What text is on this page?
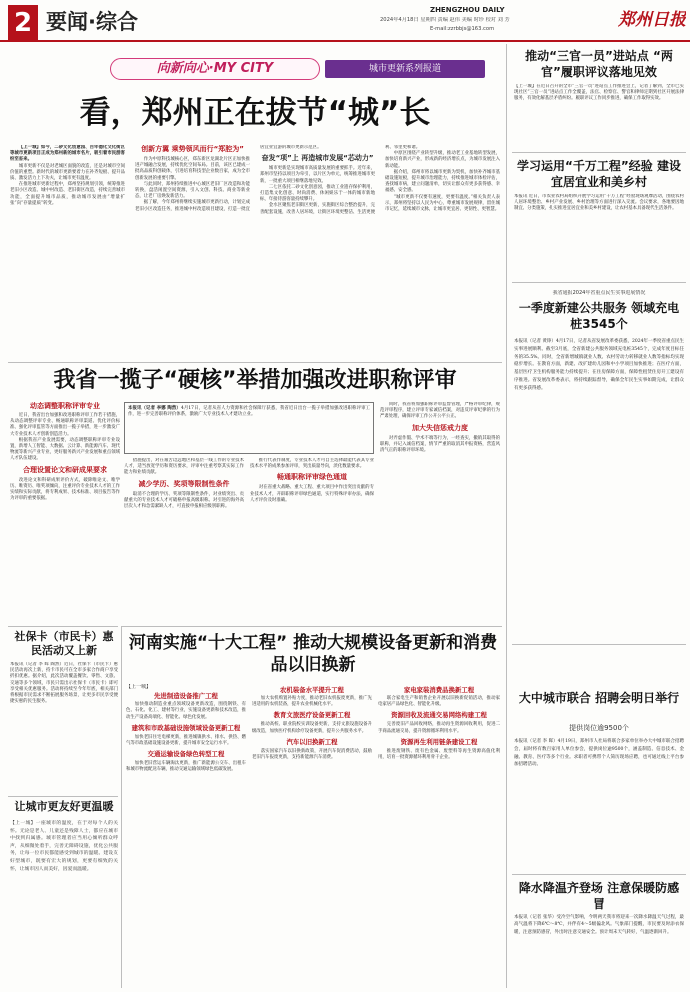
2 要闻·综合	ZHENGZHOU DAILY
2024年4月18日 星期四 责编 赵伟 美编 时珍 校对 刘 芳
E-mail:zzrbbjs@163.com	郑州日报
向新向心·MY CITY	城市更新系列报道
看，郑州正在拔节“城”长

【上一城】如今，二砂文化创意园、百年德化文化街区等城市更新项目正成为郑州新的城市名片，吸引着市民游客纷至沓来。

城市更新不仅是对老城区面貌的改造，还是对城市空间价值的重塑。新时代的城市更新要着力在补齐短板、提升品质、激发活力上下功夫，让城市更有温度。

在推进城市更新过程中，郑州坚持规划引领，统筹推进老旧小区改造、城中村改造、老旧街区改造，持续完善城市功能，全面提升城市品质，推动城市发展由“增量扩张”向“存量提质”转变。

创新方翼 乘势领风而行“郑腔为”

作为中原科技城核心区，郑东新区龙湖北片区正加快推进产城融合发展，持续优化空间布局。目前，该区已建成一批高品质科创载体，引进培育科技型企业数百家，成为全市创新发展的重要引擎。

与此同时，郑州持续推进中心城区老旧厂区改造和功能转换，盘活闲置空间资源，引入文创、科技、商业等新业态，让老厂房焕发新活力。

据了解，今年郑州将继续实施城市更新行动，计划完成老旧小区改造任务，推进城中村改造项目建设，打造一批宜居宜业宜游的城市更新示范区。

奋发“项”上 再造城市发展“芯动力”

城市更新是实现城市高质量发展的重要抓手。近年来，郑州市坚持以项目为牵引，以片区为单元，统筹推进城市更新，一批重大项目相继落地见效。

二七区依托二砂文化创意园，推动工业遗存保护利用，打造集文化创意、时尚消费、休闲娱乐于一体的城市新地标，年接待游客量持续攀升。

金水区聚焦老旧街区更新，实施街区综合整治提升，完善配套设施，改善人居环境，让街区环境更整洁、生活更便利、邻里更和谐。

中原区围绕产业转型升级，推动老工业基地转型发展，加快培育新兴产业，形成新的经济增长点，为城市发展注入新动能。

据介绍，郑州市将以城市更新为契机，加快补齐城市基础设施短板，提升城市治理能力，持续推进城市体检评估，查找城市病，建立问题清单，切实让群众有更多获得感、幸福感、安全感。

“城市更新不仅要有速度，更要有温度。”相关负责人表示，郑州将坚持以人民为中心，尊重城市发展规律，留住城市记忆，延续城市文脉，让城市更宜居、更韧性、更智慧。

推动“三官一员”进站点 “两官”履职评议落地见效
【上一城】在近日召开的全市“三官一员”进站点工作推进会上，记者了解到，全市已实现社区“三官一员”进站点工作全覆盖，法官、检察官、警官和律师定期到社区开展法律服务，有效化解基层矛盾纠纷。履职评议工作同步推进，确保工作取得实效。
学习运用“千万工程”经验 建设宜居宜业和美乡村
本报讯 近日，市农业农村局组织开展学习运用“千万工程”经验现场观摩活动，围绕农村人居环境整治、乡村产业发展、乡村治理等方面进行深入交流。会议要求，各地要因地制宜、分类施策，扎实推进宜居宜业和美乡村建设，让农村基本具备现代生活条件。
我省通报2024年省重点民生实事进展情况
一季度新建公共服务 领域充电桩3545个
本报讯（记者 黄铮）4月17日，记者从省发展改革委获悉，2024年一季度省重点民生实事进展顺利。截至3月底，全省新建公共服务领域充电桩3545个，完成年度目标任务的35.5%。同时，全省新增城镇就业人数、农村劳动力转移就业人数等指标均实现稳步增长。在教育方面，新建、改扩建幼儿园和中小学项目加快推进；在医疗方面，基层医疗卫生机构服务能力持续提升；在住房保障方面，保障性租赁住房开工建设有序推进。省发展改革委表示，将持续跟踪督导，确保全年民生实事如期完成，让群众有更多获得感。
大中城市联合 招聘会明日举行
提供岗位逾9500个
本报讯（记者 李 晖）4月19日，郑州市人社局将联合多家单位举办大中城市联合招聘会，届时将有数百家用人单位参会，提供岗位逾9500个，涵盖制造、信息技术、金融、教育、医疗等多个行业。求职者可携带个人简历现场应聘，也可通过线上平台参加招聘活动。
降水降温齐登场 注意保暖防感冒
本报讯（记者 张华）受冷空气影响，今明两天我市将迎来一次降水降温天气过程，最高气温将下降6℃～8℃，并伴有4～5级偏北风。气象部门提醒，市民要及时添衣保暖，注意预防感冒，外出时注意交通安全。预计周末天气转好，气温逐渐回升。
我省一揽子“硬核”举措加强改进职称评审
动态调整职称评审专业

近日，我省出台加强和改进职称评审工作若干措施，从动态调整评审专业、畅通职称评审渠道、优化评价标准、强化评审监管等方面推出一揽子举措，进一步激发广大专业技术人才创新创造活力。

根据我省产业发展需要，动态调整职称评审专业设置，新增人工智能、大数据、云计算、新能源汽车、现代物流等新兴产业专业，更好服务新兴产业发展和重点领域人才队伍建设。

合理设置论文和研成果要求

改进论文和科研成果评价方式，破除唯论文、唯学历、唯资历、唯奖项倾向，注重评价专业技术人才的工作实绩和实际贡献，将专利成果、技术标准、项目报告等作为评审的重要依据。

本报讯（记者 李娜 陶然）4月17日，记者从省人力资源和社会保障厅获悉，我省近日出台一揽子举措加强改进职称评审工作，进一步完善职称评价体系，激励广大专业技术人才建功立业。

措施提出，对在艰苦边远地区和基层一线工作的专业技术人才，适当放宽学历和资历要求，评审中注重考察其实际工作能力和业绩贡献。

减少学历、奖项等限制性条件

取消不合理的学历、奖项等限制性条件，对业绩突出、贡献重大的专业技术人才可破格申报高级职称。对引进的海外高层次人才和急需紧缺人才，可直接申报相应级别职称。

推行代表作制度，专业技术人才可自主选择最能代表其专业技术水平的成果参加评审，突出质量导向，淡化数量要求。

畅通职称评审绿色通道

对在省重大战略、重大工程、重大项目中作出突出贡献的专业技术人才，开辟职称评审绿色通道，实行特殊评审办法，确保人才评价及时准确。

同时，我省将加强职称评审监督管理，严格评审纪律，规范评审程序，建立评审专家诚信档案，对违反评审纪律的行为严肃处理，确保评审工作公开公平公正。

加大失信惩戒力度

对弄虚作假、学术不端等行为，一经查实，撤销其取得的职称，并记入诚信档案，情节严重的取消其申报资格，营造风清气正的职称评审环境。

社保卡（市民卡）惠民活动又上新
本报讯（记者 李 晖 陶然）近日，社保卡（市民卡）惠民活动再次上新，持卡市民可在全市多家合作商户享受折扣优惠。据介绍，此次活动覆盖餐饮、零售、文旅、交通等多个领域，市民只需出示社保卡（市民卡）即可享受相关优惠服务。活动将持续至今年年底，相关部门将根据市民需求不断拓展服务场景，让更多市民享受便捷实惠的民生服务。
让城市更友好更温暖
【上一城】一座城市的温度，在于对每个人的关怀。无论是老人、儿童还是残障人士，都应在城市中找到归属感。城市管理者应当用心倾听群众呼声，从细微处着手，完善无障碍设施，优化公共服务，让每一位市民都能感受到城市的温暖。建设友好型城市，既要有宏大的规划，更要有细致的关怀，让城市因人而美好，因爱而温暖。
河南实施“十大工程” 推动大规模设备更新和消费品以旧换新
【上一城】
先进制造设备推广工程

加快推动制造业重点领域设备更新改造，围绕钢铁、有色、石化、化工、建材等行业，实施设备更新和技术改造，推动生产设备高端化、智能化、绿色化发展。

建筑和市政基础设施领域设备更新工程

加快老旧住宅电梯更新，推进城镇供水、排水、供热、燃气等市政基础设施设备更新，提升城市安全运行水平。

交通运输设备绿色转型工程

加快老旧营运车辆淘汰更新，推广新能源公交车、出租车和城市物流配送车辆，推动交通运输领域绿色低碳发展。

农机装备水平提升工程

加大农机购置补贴力度，推动老旧农机报废更新，推广先进适用的农机装备，提升农业机械化水平。

教育文旅医疗设备更新工程

推动高校、职业院校实训设备更新，支持文旅设施设备升级改造，加快医疗机构诊疗设备更新，提升公共服务水平。

汽车以旧换新工程

落实国家汽车以旧换新政策，开展汽车促消费活动，鼓励老旧汽车报废更新，支持新能源汽车消费。

家电家装消费品换新工程

联合家电生产和销售企业开展以旧换新促销活动，推动家电家居产品绿色化、智能化升级。

资源回收及流通交易网络构建工程

完善废旧产品回收网络，推动再生资源回收利用，促进二手商品流通交易，提升资源循环利用水平。

资源再生利用链条建设工程

推进废钢铁、废有色金属、废塑料等再生资源高值化利用，培育一批资源循环利用骨干企业。
